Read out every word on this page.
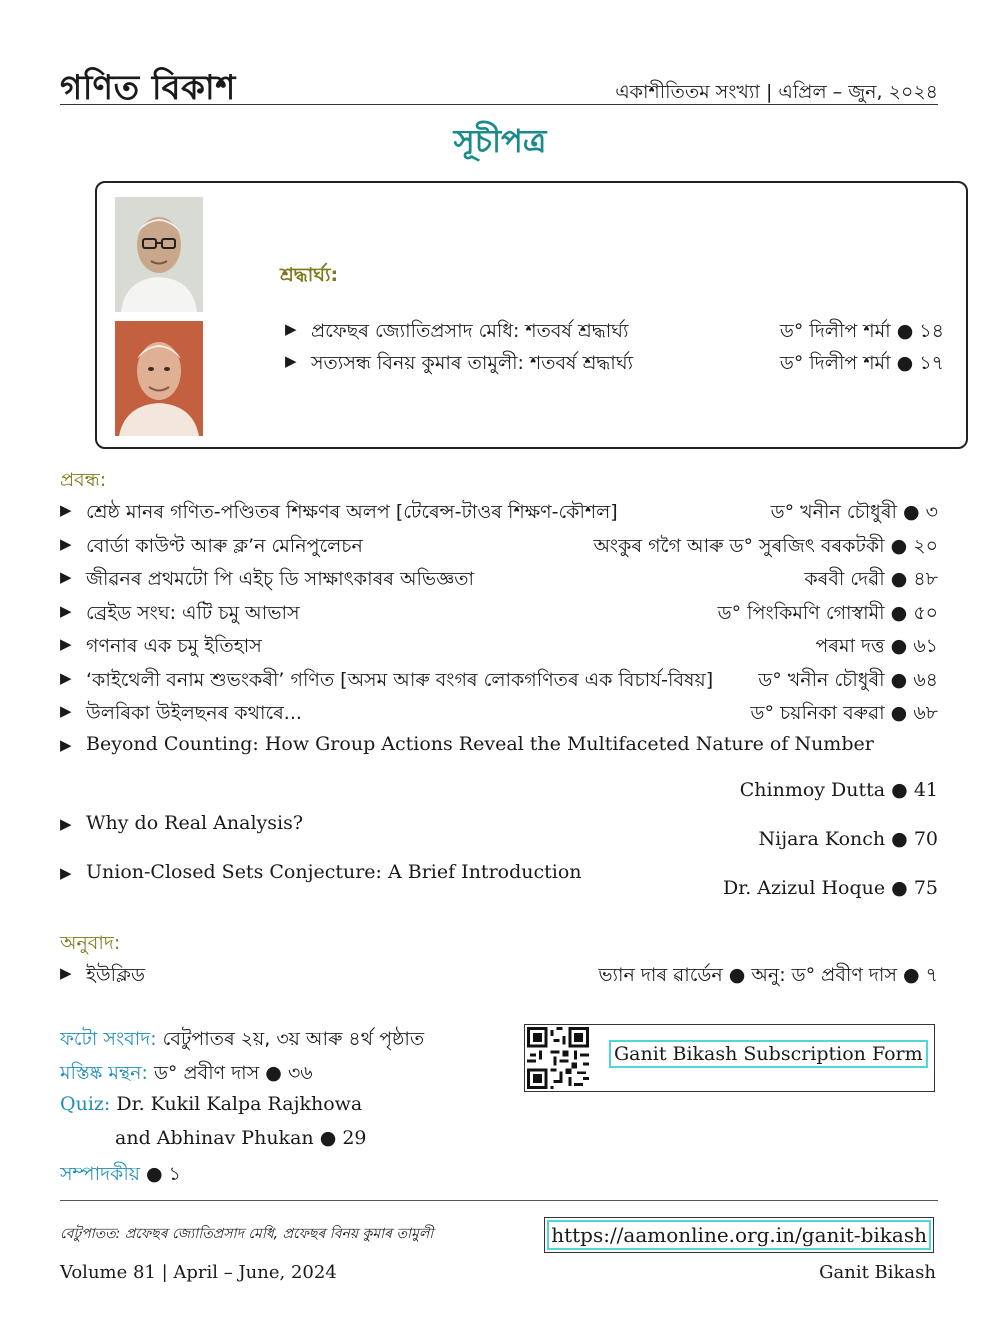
গণিত বিকাশ	একাশীতিতম সংখ্যা | এপ্ৰিল – জুন, ২০২৪
সূচীপত্ৰ
শ্ৰদ্ধাৰ্ঘ্য:
▶ প্ৰফেছৰ জ্যোতিপ্ৰসাদ মেধি: শতবৰ্ষ শ্ৰদ্ধাৰ্ঘ্য	ড° দিলীপ শৰ্মা ● ১৪
▶ সত্যসন্ধ বিনয় কুমাৰ তামুলী: শতবৰ্ষ শ্ৰদ্ধাৰ্ঘ্য	ড° দিলীপ শৰ্মা ● ১৭
প্ৰবন্ধ:
▶ শ্ৰেষ্ঠ মানৰ গণিত-পণ্ডিতৰ শিক্ষণৰ অলপ [টেৰেন্স-টাওৰ শিক্ষণ-কৌশল]	ড° খনীন চৌধুৰী ● ৩
▶ বোৰ্ডা কাউণ্ট আৰু ক্ল’ন মেনিপুলেচন	অংকুৰ গগৈ আৰু ড° সুৰজিৎ বৰকটকী ● ২০
▶ জীৱনৰ প্ৰথমটো পি এইচ্ ডি সাক্ষাৎকাৰৰ অভিজ্ঞতা	কৰবী দেৱী ● ৪৮
▶ ব্ৰেইড সংঘ: এটি চমু আভাস	ড° পিংকিমণি গোস্বামী ● ৫০
▶ গণনাৰ এক চমু ইতিহাস	পৰমা দত্ত ● ৬১
▶ ‘কাইথেলী বনাম শুভংকৰী’ গণিত [অসম আৰু বংগৰ লোকগণিতৰ এক বিচাৰ্য-বিষয়] ড° খনীন চৌধুৰী ● ৬৪
▶ উলৰিকা উইলছনৰ কথাৰে...	ড° চয়নিকা বৰুৱা ● ৬৮
▶ Beyond Counting: How Group Actions Reveal the Multifaceted Nature of Number
Chinmoy Dutta ● 41
▶ Why do Real Analysis?
Nijara Konch ● 70
▶ Union-Closed Sets Conjecture: A Brief Introduction
Dr. Azizul Hoque ● 75
অনুবাদ:
▶ ইউক্লিড	ভ্যান দাৰ ৱাৰ্ডেন ● অনু: ড° প্ৰবীণ দাস ● ৭
ফটো সংবাদ: বেটুপাতৰ ২য়, ৩য় আৰু ৪ৰ্থ পৃষ্ঠাত
মস্তিষ্ক মন্থন: ড° প্ৰবীণ দাস ● ৩৬
Quiz: Dr. Kukil Kalpa Rajkhowa
and Abhinav Phukan ● 29
সম্পাদকীয় ● ১
Ganit Bikash Subscription Form
বেটুপাতত: প্ৰফেছৰ জ্যোতিপ্ৰসাদ মেধি, প্ৰফেছৰ বিনয় কুমাৰ তামুলী	https://aamonline.org.in/ganit-bikash
Volume 81 | April – June, 2024	Ganit Bikash
